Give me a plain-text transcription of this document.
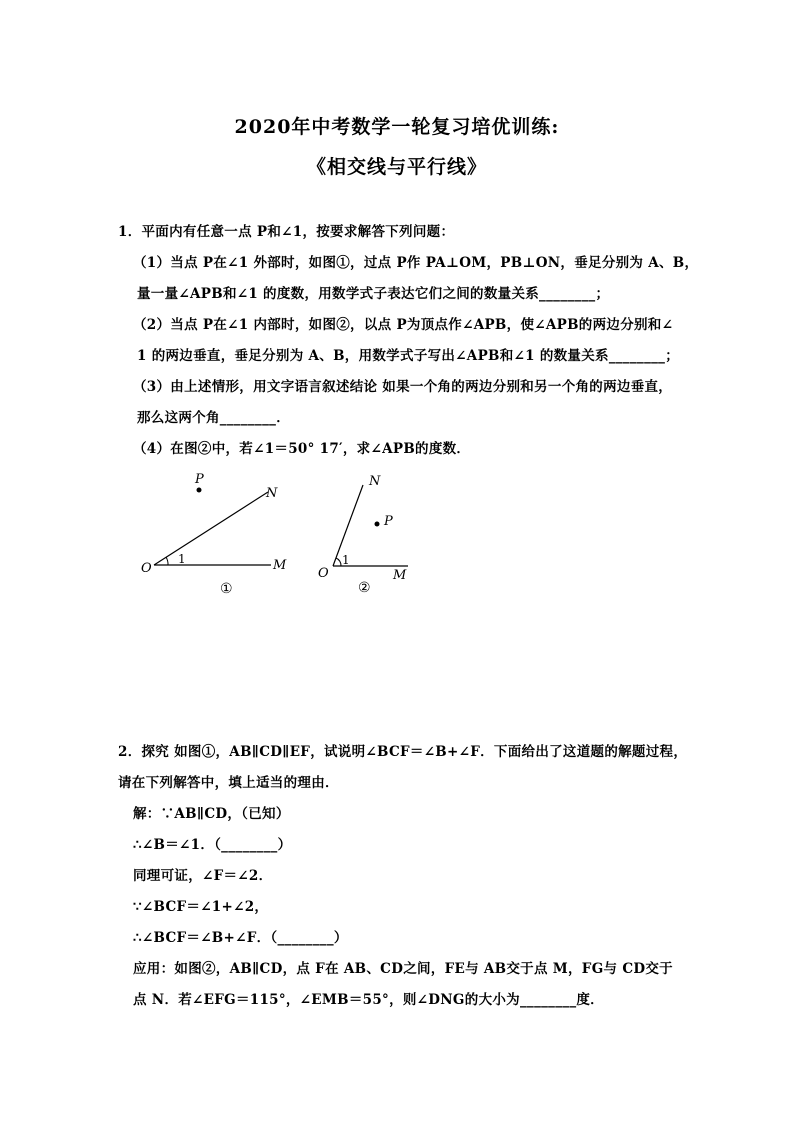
2020年中考数学一轮复习培优训练:
《相交线与平行线》
1．平面内有任意一点 P和∠1，按要求解答下列问题：
（1）当点 P在∠1 外部时，如图①，过点 P作 PA⊥OM，PB⊥ON，垂足分别为 A、B，
量一量∠APB和∠1 的度数，用数学式子表达它们之间的数量关系________；
（2）当点 P在∠1 内部时，如图②，以点 P为顶点作∠APB，使∠APB的两边分别和∠
1 的两边垂直，垂足分别为 A、B，用数学式子写出∠APB和∠1 的数量关系________；
（3）由上述情形，用文字语言叙述结论 如果一个角的两边分别和另一个角的两边垂直，
那么这两个角________．
（4）在图②中，若∠1＝50° 17′，求∠APB的度数．
P
N
O	M
1
①
P
N
O	M
1
②
2．探究 如图①，AB∥CD∥EF，试说明∠BCF＝∠B+∠F．下面给出了这道题的解题过程，
请在下列解答中，填上适当的理由．
解：∵AB∥CD，（已知）
∴∠B＝∠1．（________）
同理可证，∠F＝∠2．
∵∠BCF＝∠1+∠2，
∴∠BCF＝∠B+∠F．（________）
应用：如图②，AB∥CD，点 F在 AB、CD之间，FE与 AB交于点 M，FG与 CD交于
点 N．若∠EFG＝115°，∠EMB＝55°，则∠DNG的大小为________度．
